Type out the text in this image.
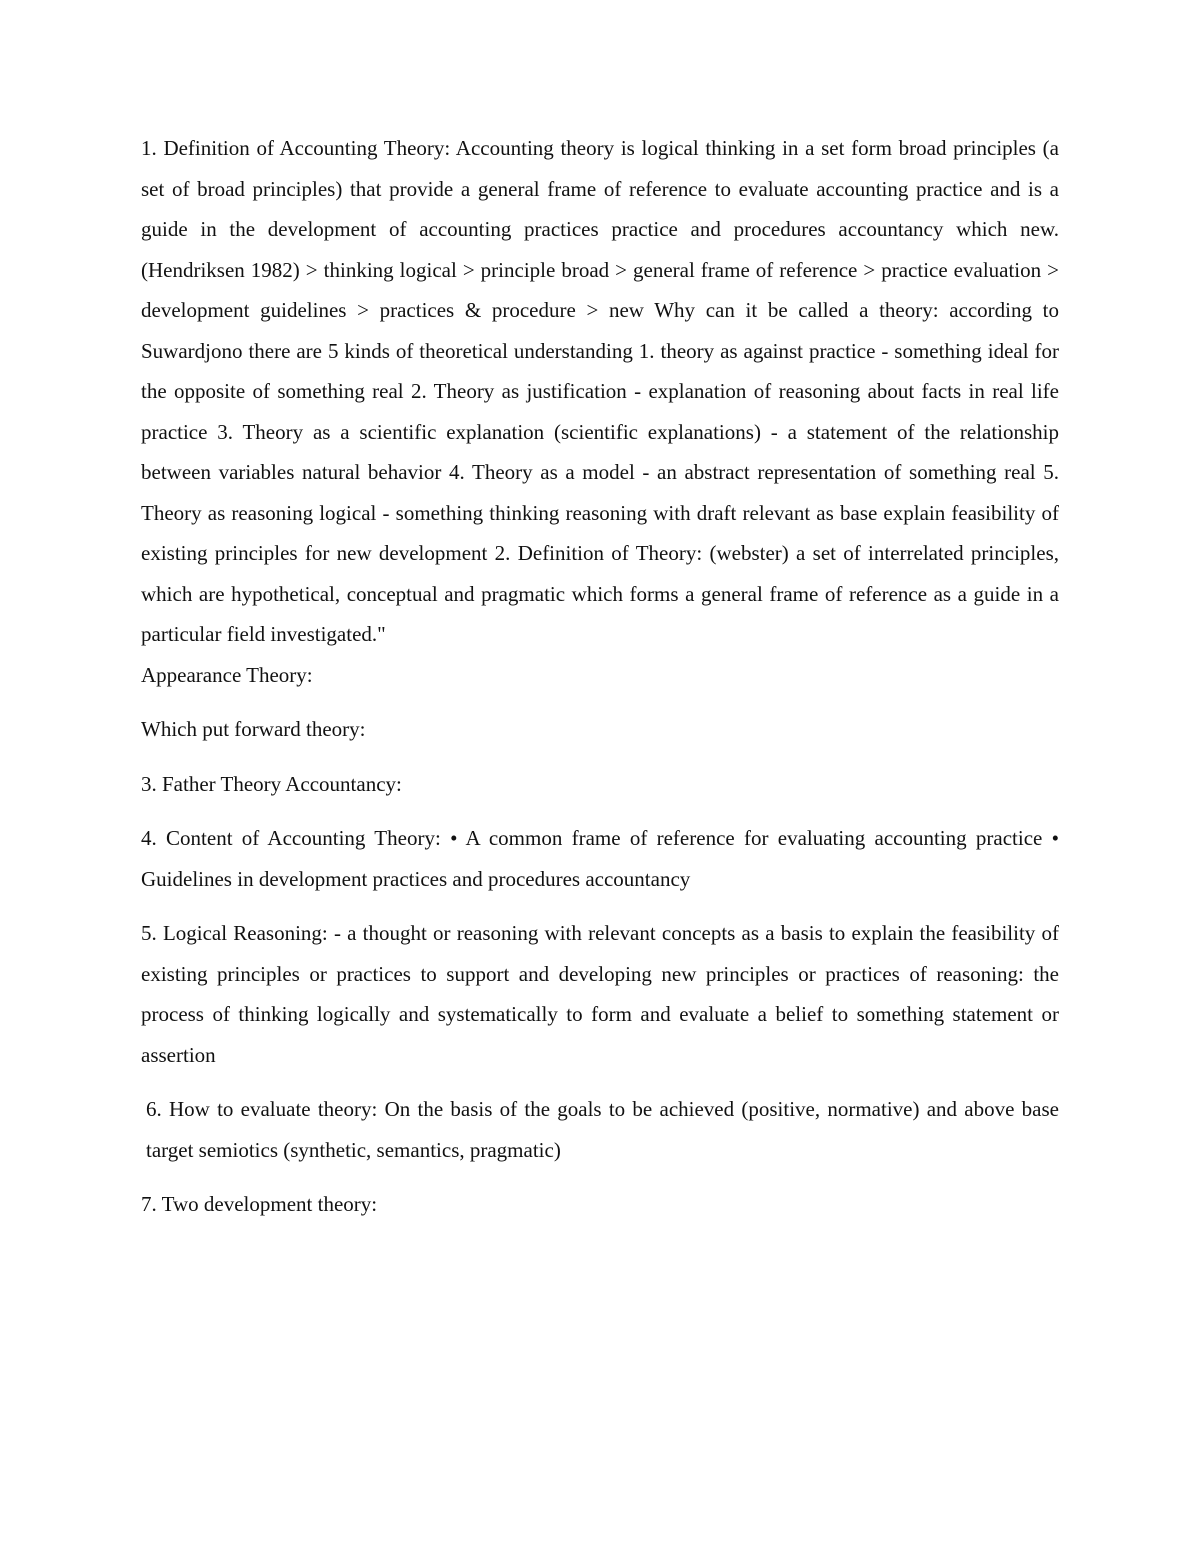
1. Definition of Accounting Theory: Accounting theory is logical thinking in a set form broad principles (a set of broad principles) that provide a general frame of reference to evaluate accounting practice and is a guide in the development of accounting practices practice and procedures accountancy which new. (Hendriksen 1982) > thinking logical > principle broad > general frame of reference > practice evaluation > development guidelines > practices & procedure > new Why can it be called a theory: according to Suwardjono there are 5 kinds of theoretical understanding 1. theory as against practice - something ideal for the opposite of something real 2. Theory as justification - explanation of reasoning about facts in real life practice 3. Theory as a scientific explanation (scientific explanations) - a statement of the relationship between variables natural behavior 4. Theory as a model - an abstract representation of something real 5. Theory as reasoning logical - something thinking reasoning with draft relevant as base explain feasibility of existing principles for new development 2. Definition of Theory: (webster) a set of interrelated principles, which are hypothetical, conceptual and pragmatic which forms a general frame of reference as a guide in a particular field investigated."

Appearance Theory:

Which put forward theory:

3. Father Theory Accountancy:

4. Content of Accounting Theory: • A common frame of reference for evaluating accounting practice • Guidelines in development practices and procedures accountancy

5. Logical Reasoning: - a thought or reasoning with relevant concepts as a basis to explain the feasibility of existing principles or practices to support and developing new principles or practices of reasoning: the process of thinking logically and systematically to form and evaluate a belief to something statement or assertion

6. How to evaluate theory: On the basis of the goals to be achieved (positive, normative) and above base target semiotics (synthetic, semantics, pragmatic)

7. Two development theory:
